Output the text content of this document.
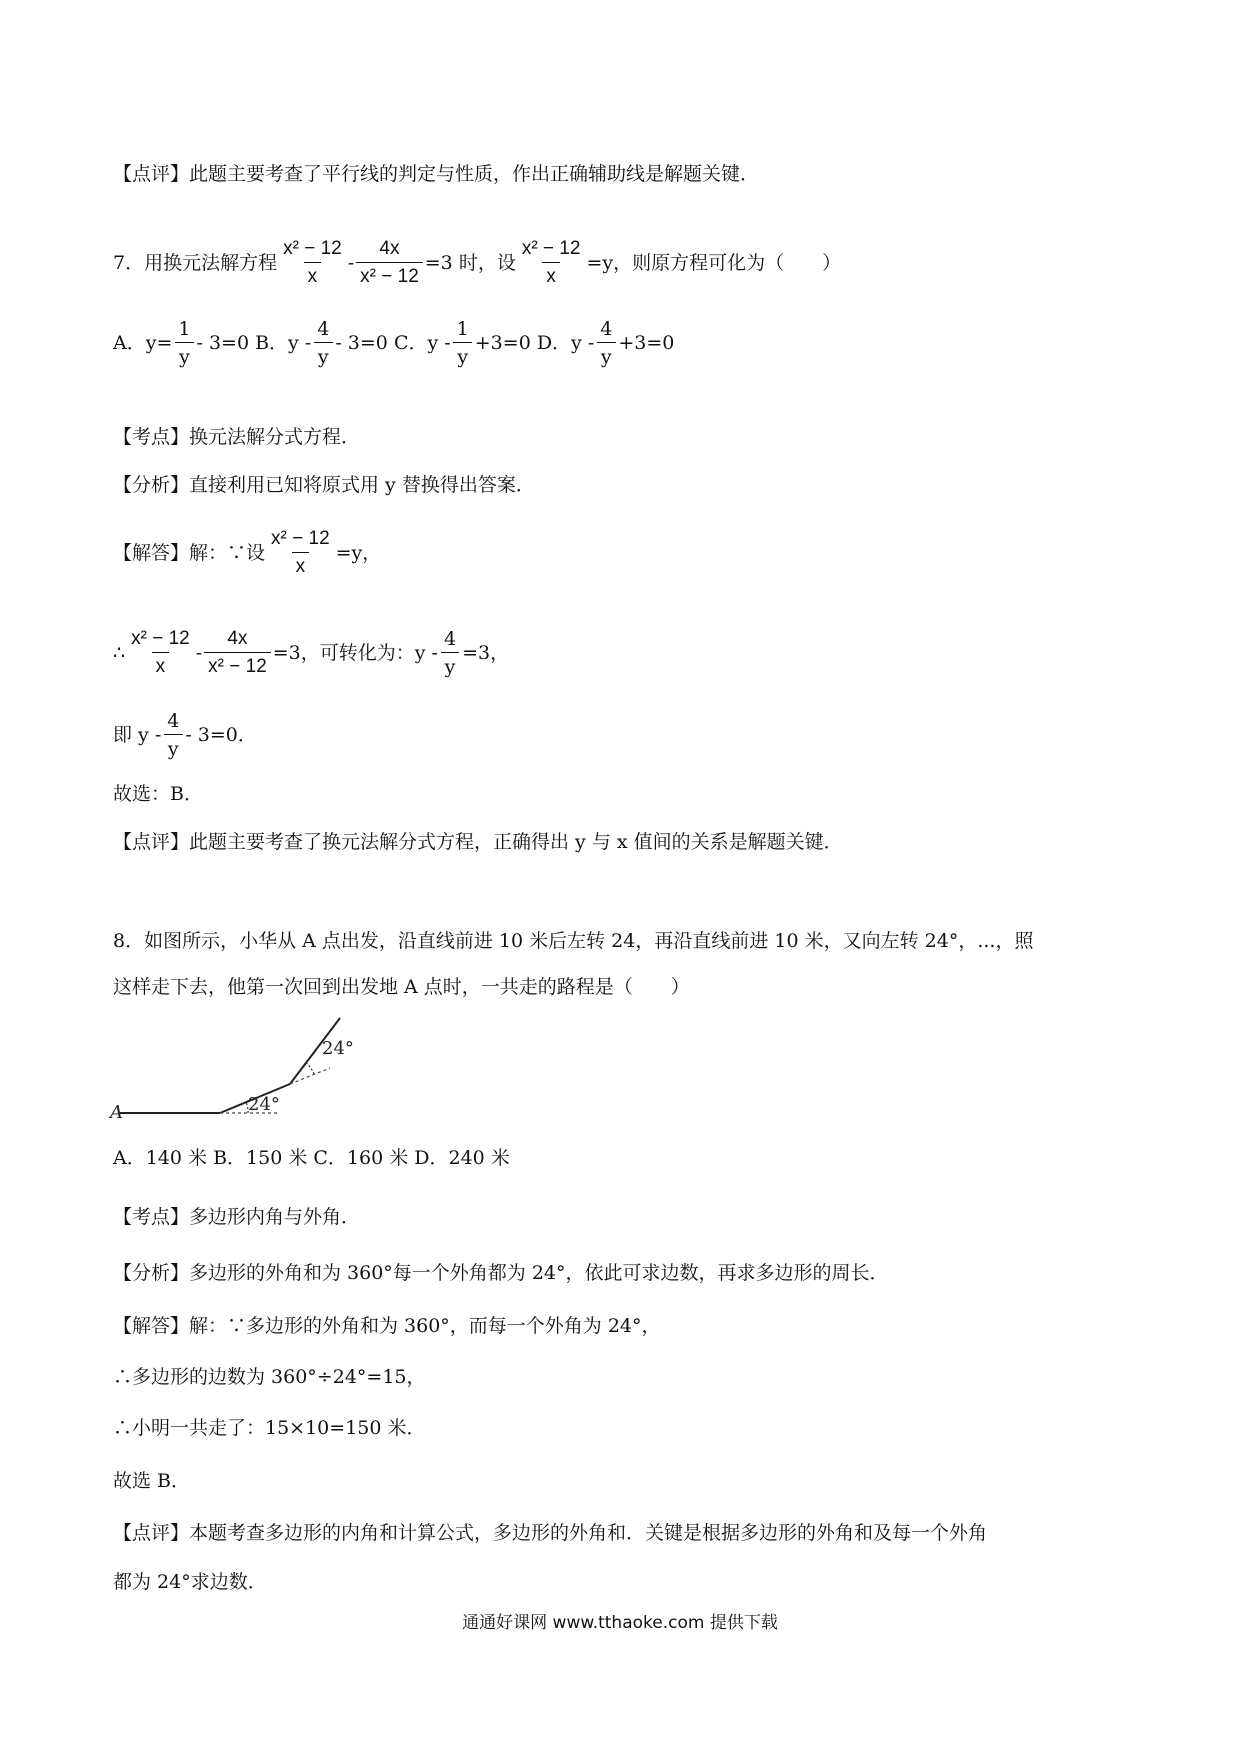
【点评】此题主要考查了平行线的判定与性质，作出正确辅助线是解题关键．
7．用换元法解方程 $\frac{\text{x² − 12}}{x} - \frac{4x}{\text{x² − 12}} =3$ 时，设 $\frac{\text{x² − 12}}{x} =y$，则原方程可化为（　　）
A．$y= \frac{1}{y} - 3=0$ B．$y - \frac{4}{y} - 3=0$ C．$y - \frac{1}{y} +3=0$ D．$y - \frac{4}{y} +3=0$
【考点】换元法解分式方程．
【分析】直接利用已知将原式用 y 替换得出答案．
【解答】解：∵设 $\frac{\text{x² − 12}}{x} =y$，
∴ $\frac{\text{x² − 12}}{x} - \frac{4x}{\text{x² − 12}} =3$，可转化为：$y - \frac{4}{y} =3$，
即 $y - \frac{4}{y} - 3=0$．
故选：B．
【点评】此题主要考查了换元法解分式方程，正确得出 y 与 x 值间的关系是解题关键．
8．如图所示，小华从 A 点出发，沿直线前进 10 米后左转 24，再沿直线前进 10 米，又向左转 24°，...，照
这样走下去，他第一次回到出发地 A 点时，一共走的路程是（　　）
A	24°
24°
A．140 米 B．150 米 C．160 米 D．240 米
【考点】多边形内角与外角．
【分析】多边形的外角和为 360°每一个外角都为 24°，依此可求边数，再求多边形的周长．
【解答】解：∵多边形的外角和为 360°，而每一个外角为 24°，
∴多边形的边数为 360°÷24°=15，
∴小明一共走了：15×10=150 米．
故选 B．
【点评】本题考查多边形的内角和计算公式，多边形的外角和．关键是根据多边形的外角和及每一个外角
都为 24°求边数．
通通好课网 www.tthaoke.com 提供下载
